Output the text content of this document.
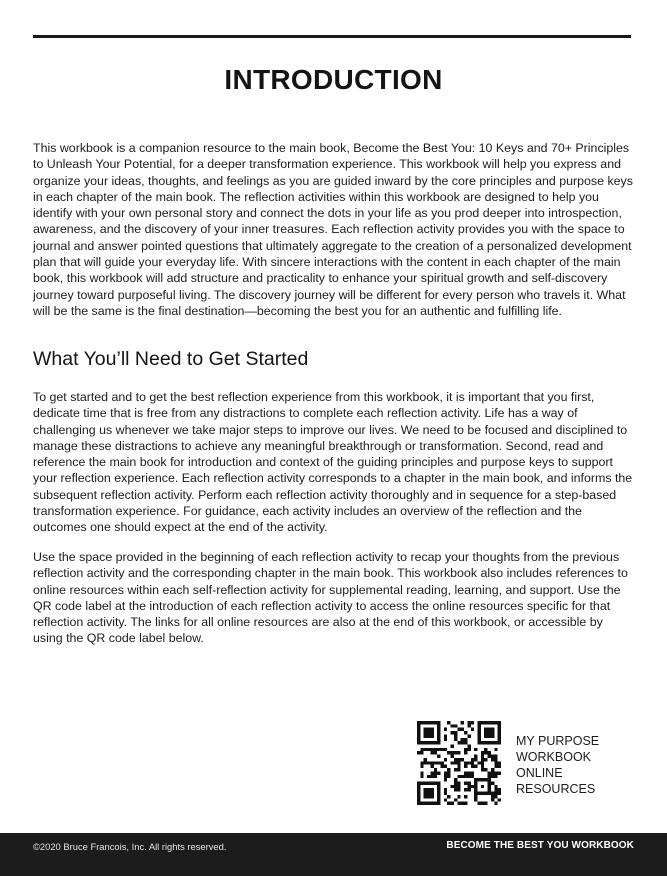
INTRODUCTION

This workbook is a companion resource to the main book, Become the Best You: 10 Keys and 70+ Principles to Unleash Your Potential, for a deeper transformation experience. This workbook will help you express and organize your ideas, thoughts, and feelings as you are guided inward by the core principles and purpose keys in each chapter of the main book. The reflection activities within this workbook are designed to help you identify with your own personal story and connect the dots in your life as you prod deeper into introspection, awareness, and the discovery of your inner treasures. Each reflection activity provides you with the space to journal and answer pointed questions that ultimately aggregate to the creation of a personalized development plan that will guide your everyday life. With sincere interactions with the content in each chapter of the main book, this workbook will add structure and practicality to enhance your spiritual growth and self-discovery journey toward purposeful living. The discovery journey will be different for every person who travels it. What will be the same is the final destination—becoming the best you for an authentic and fulfilling life.

What You’ll Need to Get Started

To get started and to get the best reflection experience from this workbook, it is important that you first, dedicate time that is free from any distractions to complete each reflection activity. Life has a way of challenging us whenever we take major steps to improve our lives. We need to be focused and disciplined to manage these distractions to achieve any meaningful breakthrough or transformation. Second, read and reference the main book for introduction and context of the guiding principles and purpose keys to support your reflection experience. Each reflection activity corresponds to a chapter in the main book, and informs the subsequent reflection activity. Perform each reflection activity thoroughly and in sequence for a step-based transformation experience. For guidance, each activity includes an overview of the reflection and the outcomes one should expect at the end of the activity.

Use the space provided in the beginning of each reflection activity to recap your thoughts from the previous reflection activity and the corresponding chapter in the main book. This workbook also includes references to online resources within each self-reflection activity for supplemental reading, learning, and support. Use the QR code label at the introduction of each reflection activity to access the online resources specific for that reflection activity. The links for all online resources are also at the end of this workbook, or accessible by using the QR code label below.

MY PURPOSE
WORKBOOK
ONLINE
RESOURCES
©2020 Bruce Francois, Inc. All rights reserved.	BECOME THE BEST YOU WORKBOOK
